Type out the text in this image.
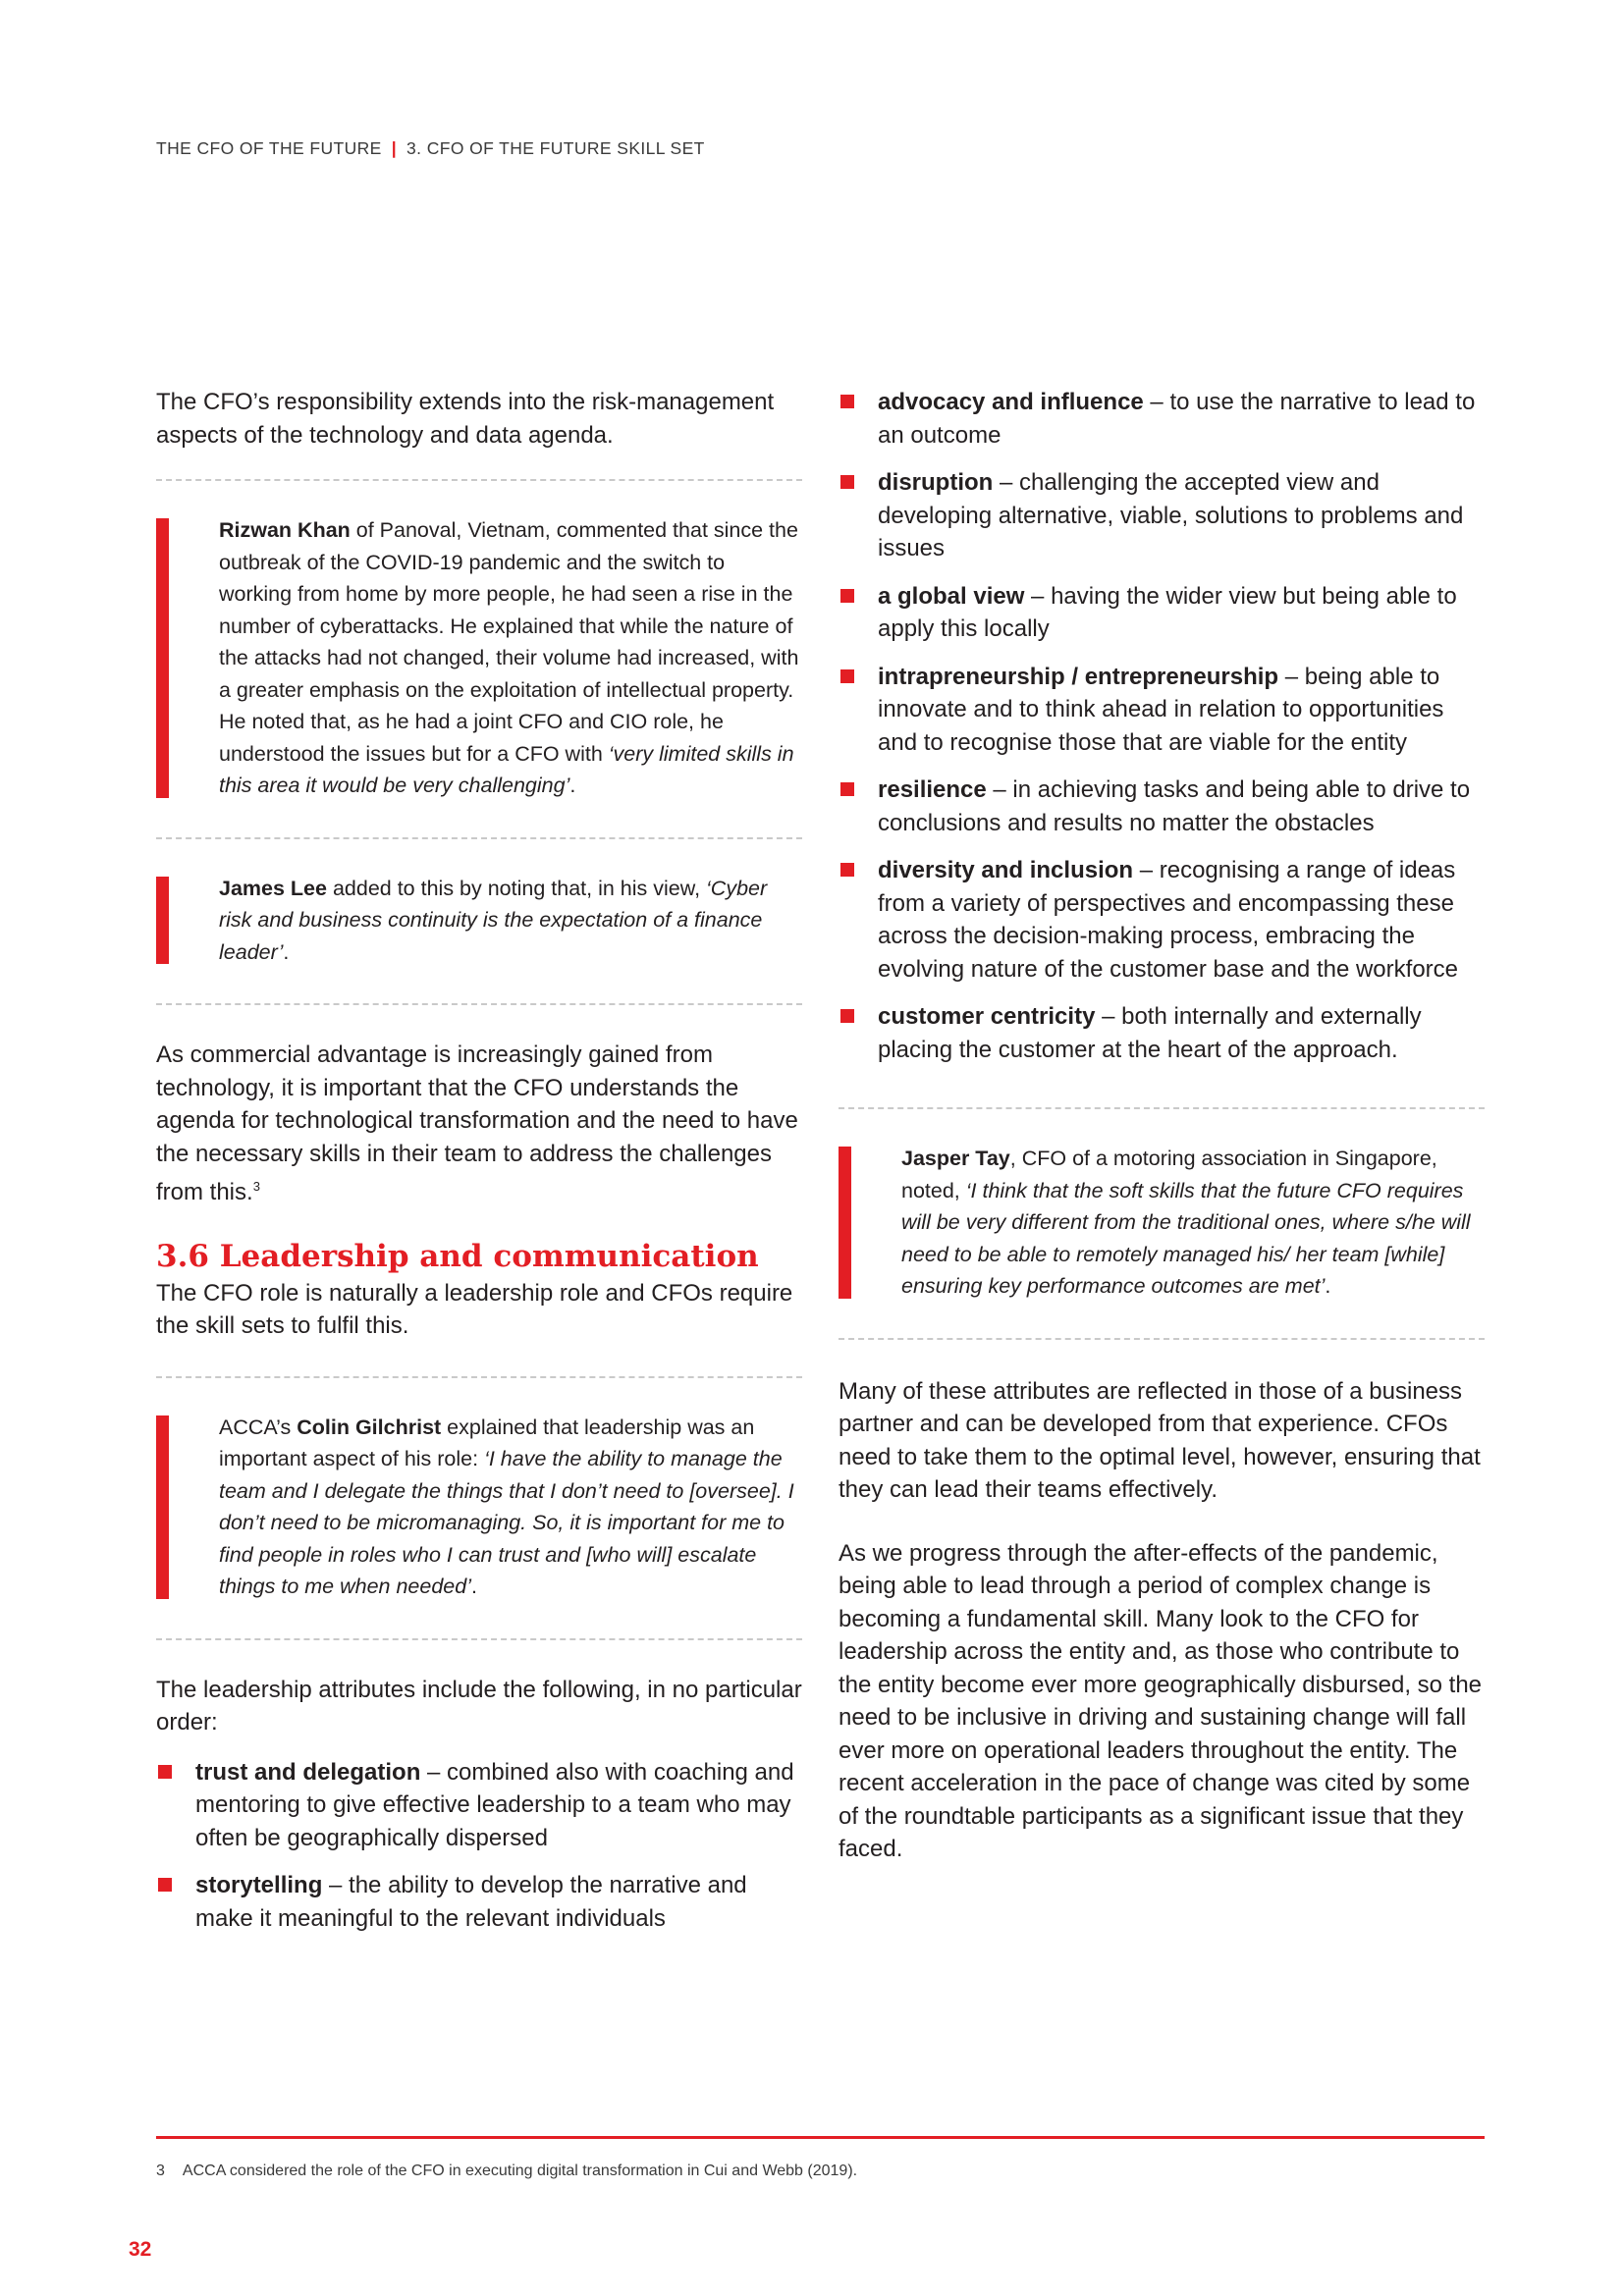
THE CFO OF THE FUTURE | 3. CFO OF THE FUTURE SKILL SET

The CFO’s responsibility extends into the risk-management aspects of the technology and data agenda.

Rizwan Khan of Panoval, Vietnam, commented that since the outbreak of the COVID-19 pandemic and the switch to working from home by more people, he had seen a rise in the number of cyberattacks. He explained that while the nature of the attacks had not changed, their volume had increased, with a greater emphasis on the exploitation of intellectual property. He noted that, as he had a joint CFO and CIO role, he understood the issues but for a CFO with ‘very limited skills in this area it would be very challenging’.
James Lee added to this by noting that, in his view, ‘Cyber risk and business continuity is the expectation of a finance leader’.

As commercial advantage is increasingly gained from technology, it is important that the CFO understands the agenda for technological transformation and the need to have the necessary skills in their team to address the challenges from this.$^3$

3.6 Leadership and communication

The CFO role is naturally a leadership role and CFOs require the skill sets to fulfil this.

ACCA’s Colin Gilchrist explained that leadership was an important aspect of his role: ‘I have the ability to manage the team and I delegate the things that I don’t need to [oversee]. I don’t need to be micromanaging. So, it is important for me to find people in roles who I can trust and [who will] escalate things to me when needed’.

The leadership attributes include the following, in no particular order:

trust and delegation – combined also with coaching and mentoring to give effective leadership to a team who may often be geographically dispersed
storytelling – the ability to develop the narrative and make it meaningful to the relevant individuals
advocacy and influence – to use the narrative to lead to an outcome
disruption – challenging the accepted view and developing alternative, viable, solutions to problems and issues
a global view – having the wider view but being able to apply this locally
intrapreneurship / entrepreneurship – being able to innovate and to think ahead in relation to opportunities and to recognise those that are viable for the entity
resilience – in achieving tasks and being able to drive to conclusions and results no matter the obstacles
diversity and inclusion – recognising a range of ideas from a variety of perspectives and encompassing these across the decision-making process, embracing the evolving nature of the customer base and the workforce
customer centricity – both internally and externally placing the customer at the heart of the approach.
Jasper Tay, CFO of a motoring association in Singapore, noted, ‘I think that the soft skills that the future CFO requires will be very different from the traditional ones, where s/he will need to be able to remotely managed his/ her team [while] ensuring key performance outcomes are met’.

Many of these attributes are reflected in those of a business partner and can be developed from that experience. CFOs need to take them to the optimal level, however, ensuring that they can lead their teams effectively.

As we progress through the after-effects of the pandemic, being able to lead through a period of complex change is becoming a fundamental skill. Many look to the CFO for leadership across the entity and, as those who contribute to the entity become ever more geographically disbursed, so the need to be inclusive in driving and sustaining change will fall ever more on operational leaders throughout the entity. The recent acceleration in the pace of change was cited by some of the roundtable participants as a significant issue that they faced.

3 ACCA considered the role of the CFO in executing digital transformation in Cui and Webb (2019).
32
